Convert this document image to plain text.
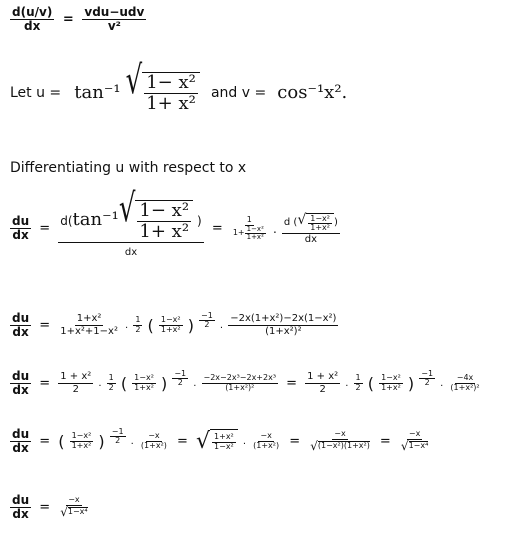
$\frac{d(u/v)}{dx} = \frac{\text{vdu−udv}}{\text{v²}}$
Let u = tan⁻¹ √ $\frac{\text{1− x²}}{\text{1+ x²}}$ and v = cos⁻¹x².
Differentiating u with respect to x
$\frac{du}{dx}$ =
d( tan⁻¹ √ $\frac{\text{1− x²}}{\text{1+ x²}}$ )
dx
= $\frac{1}{1+ \frac{\text{1−x²}}{\text{1+x²}}}$ . d ( √ $\frac{\text{1−x²}}{\text{1+x²}}$ )
dx
$\frac{du}{dx} = \frac{\text{1+x²}}{\text{1+x²+1−x²}}$ . $\frac{1}{2}$ ( $\frac{\text{1−x²}}{\text{1+x²}}$ ) $\frac{-1}{2}$ . $\frac{\text{−2x(1+x²)−2x(1−x²)}}{\text{(1+x²)²}}$
$\frac{du}{dx} = \frac{\text{1 + x²}}{2}$ . $\frac{1}{2}$ ( $\frac{\text{1−x²}}{\text{1+x²}}$ ) $\frac{-1}{2}$ . $\frac{\text{−2x−2x³−2x+2x³}}{\text{(1+x²)²}} = \frac{\text{1 + x²}}{2}$ . $\frac{1}{2}$ ( $\frac{\text{1−x²}}{\text{1+x²}}$ ) $\frac{-1}{2}$ . $\frac{-4x}{\text{(1+x²)²}}$
$\frac{du}{dx}$ = ( $\frac{\text{1−x²}}{\text{1+x²}}$ ) $\frac{-1}{2}$ . $\frac{-x}{\text{(1+x²)}}$ = √ $\frac{\text{1+x²}}{\text{1−x²}}$ . $\frac{-x}{\text{(1+x²)}} = \frac{-x}{\text{√ (1−x²)(1+x²)}} = \frac{-x}{\text{√ 1−x⁴}}$
$\frac{du}{dx} = \frac{-x}{\text{√ 1−x⁴}}$
